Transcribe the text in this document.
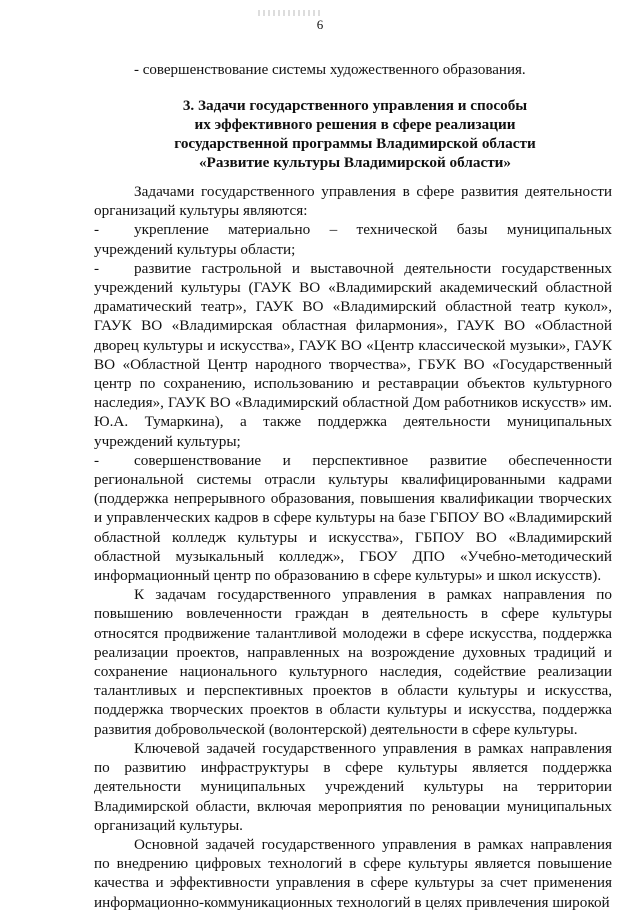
6
- совершенствование системы художественного образования.
3. Задачи государственного управления и способы
их эффективного решения в сфере реализации
государственной программы Владимирской области
«Развитие культуры Владимирской области»

Задачами государственного управления в сфере развития деятельности организаций культуры являются:

- укрепление материально – технической базы муниципальных учреждений культуры области;

- развитие гастрольной и выставочной деятельности государственных учреждений культуры (ГАУК ВО «Владимирский академический областной драматический театр», ГАУК ВО «Владимирский областной театр кукол», ГАУК ВО «Владимирская областная филармония», ГАУК ВО «Областной дворец культуры и искусства», ГАУК ВО «Центр классической музыки», ГАУК ВО «Областной Центр народного творчества», ГБУК ВО «Государственный центр по сохранению, использованию и реставрации объектов культурного наследия», ГАУК ВО «Владимирский областной Дом работников искусств» им. Ю.А. Тумаркина), а также поддержка деятельности муниципальных учреждений культуры;

- совершенствование и перспективное развитие обеспеченности региональной системы отрасли культуры квалифицированными кадрами (поддержка непрерывного образования, повышения квалификации творческих и управленческих кадров в сфере культуры на базе ГБПОУ ВО «Владимирский областной колледж культуры и искусства», ГБПОУ ВО «Владимирский областной музыкальный колледж», ГБОУ ДПО «Учебно-методический информационный центр по образованию в сфере культуры» и школ искусств).

К задачам государственного управления в рамках направления по повышению вовлеченности граждан в деятельность в сфере культуры относятся продвижение талантливой молодежи в сфере искусства, поддержка реализации проектов, направленных на возрождение духовных традиций и сохранение национального культурного наследия, содействие реализации талантливых и перспективных проектов в области культуры и искусства, поддержка творческих проектов в области культуры и искусства, поддержка развития добровольческой (волонтерской) деятельности в сфере культуры.

Ключевой задачей государственного управления в рамках направления по развитию инфраструктуры в сфере культуры является поддержка деятельности муниципальных учреждений культуры на территории Владимирской области, включая мероприятия по реновации муниципальных организаций культуры.

Основной задачей государственного управления в рамках направления по внедрению цифровых технологий в сфере культуры является повышение качества и эффективности управления в сфере культуры за счет применения информационно-коммуникационных технологий в целях привлечения широкой
